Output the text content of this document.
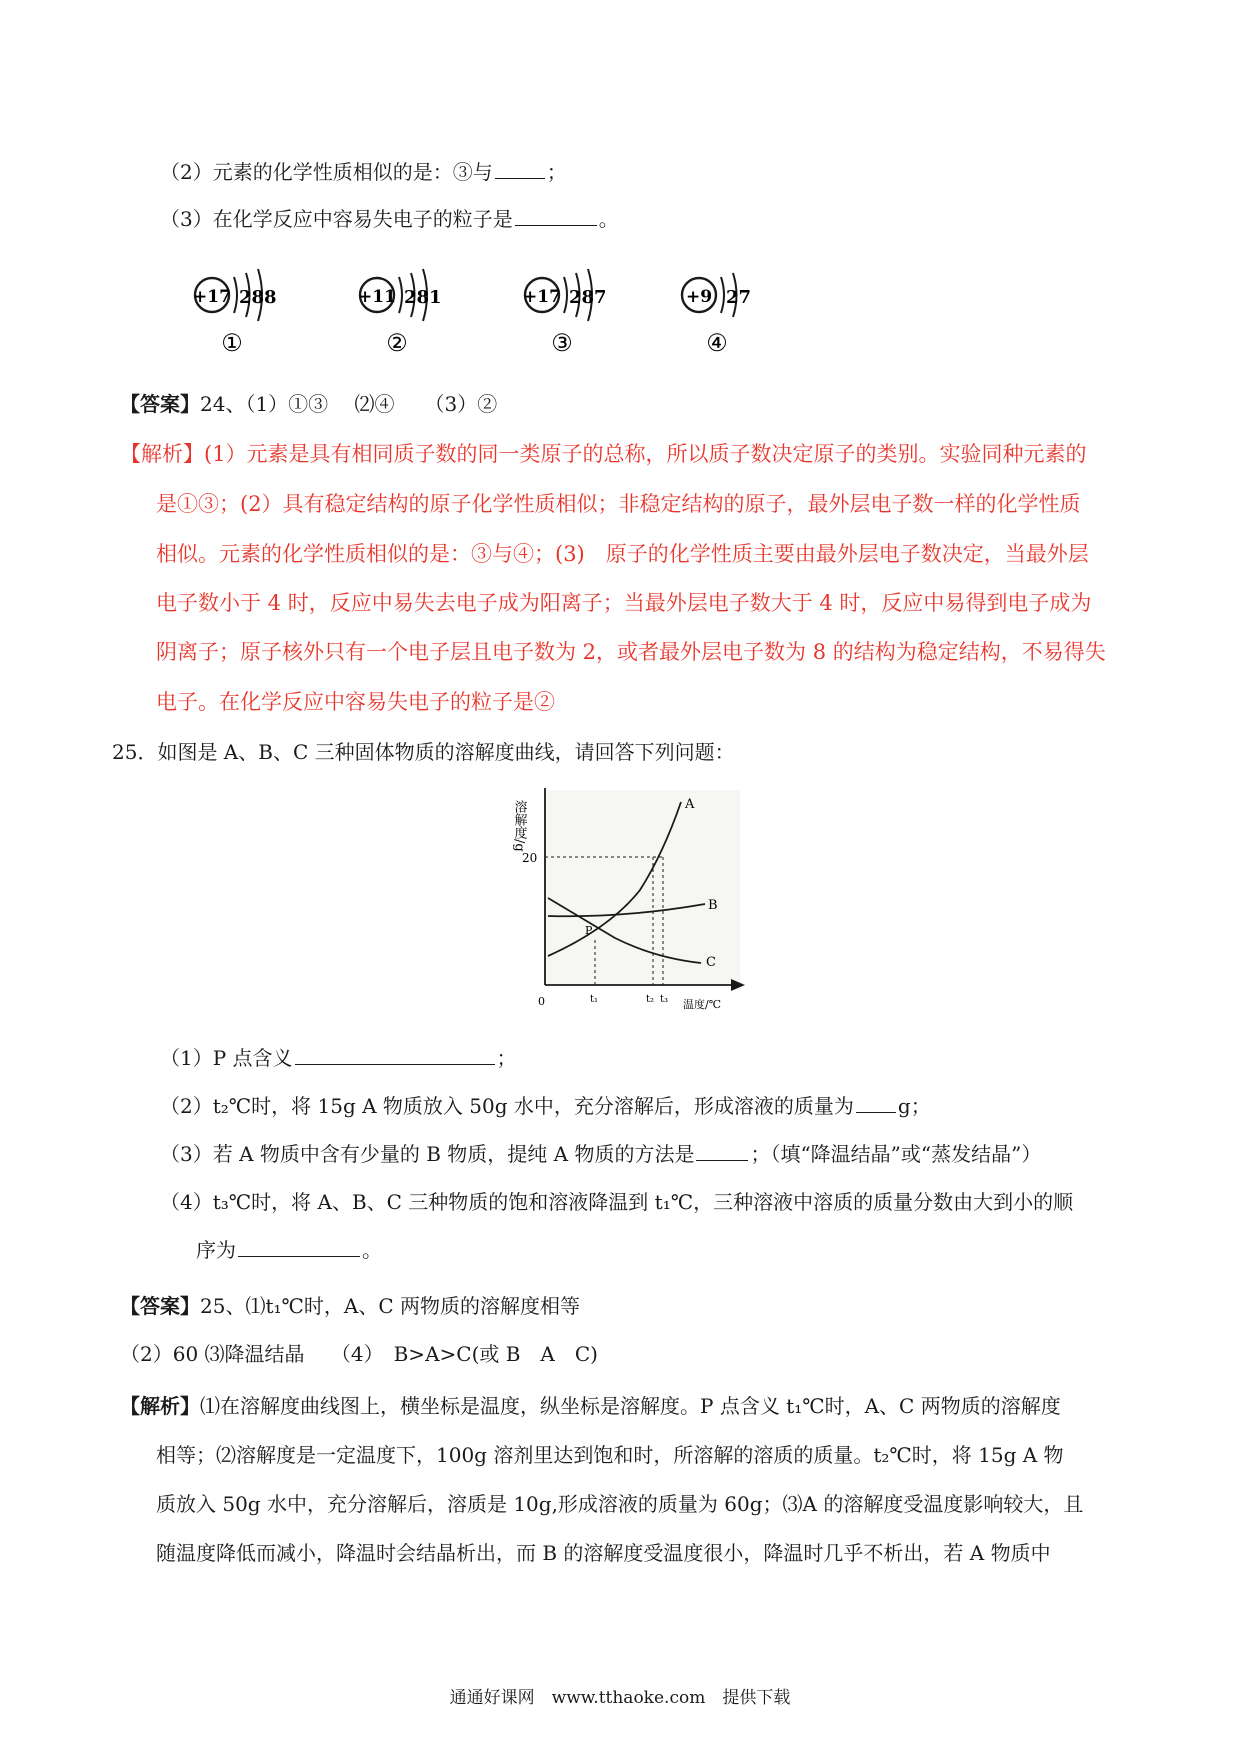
（2）元素的化学性质相似的是：③与	；
（3）在化学反应中容易失电子的粒子是	。
+17 288
①
+11 281
②
+17 287
③
+9 27
④
【答案】24、（1）①③　 ⑵④　　（3）②
【解析】(1）元素是具有相同质子数的同一类原子的总称，所以质子数决定原子的类别。实验同种元素的
是①③；(2）具有稳定结构的原子化学性质相似；非稳定结构的原子，最外层电子数一样的化学性质
相似。元素的化学性质相似的是：③与④；(3)　原子的化学性质主要由最外层电子数决定，当最外层
电子数小于 4 时，反应中易失去电子成为阳离子；当最外层电子数大于 4 时，反应中易得到电子成为
阴离子；原子核外只有一个电子层且电子数为 2，或者最外层电子数为 8 的结构为稳定结构，不易得失
电子。在化学反应中容易失电子的粒子是②
25．如图是 A、B、C 三种固体物质的溶解度曲线，请回答下列问题：
溶解度/g
20
A
B
C
P
0	t₁	t₂ t₃ 温度/℃
（1）P 点含义	；
（2）t₂℃时，将 15g A 物质放入 50g 水中，充分溶解后，形成溶液的质量为 g；
（3）若 A 物质中含有少量的 B 物质，提纯 A 物质的方法是	；（填“降温结晶”或“蒸发结晶”）
（4）t₃℃时，将 A、B、C 三种物质的饱和溶液降温到 t₁℃，三种溶液中溶质的质量分数由大到小的顺
序为	。
【答案】25、⑴t₁℃时，A、C 两物质的溶解度相等
（2）60 ⑶降温结晶　 （4）　B>A>C(或 B　A　C)
【解析】⑴在溶解度曲线图上，横坐标是温度，纵坐标是溶解度。P 点含义 t₁℃时，A、C 两物质的溶解度
相等；⑵溶解度是一定温度下，100g 溶剂里达到饱和时，所溶解的溶质的质量。t₂℃时，将 15g A 物
质放入 50g 水中，充分溶解后，溶质是 10g,形成溶液的质量为 60g；⑶A 的溶解度受温度影响较大，且
随温度降低而减小，降温时会结晶析出，而 B 的溶解度受温度很小，降温时几乎不析出，若 A 物质中
通通好课网　www.tthaoke.com　提供下载
